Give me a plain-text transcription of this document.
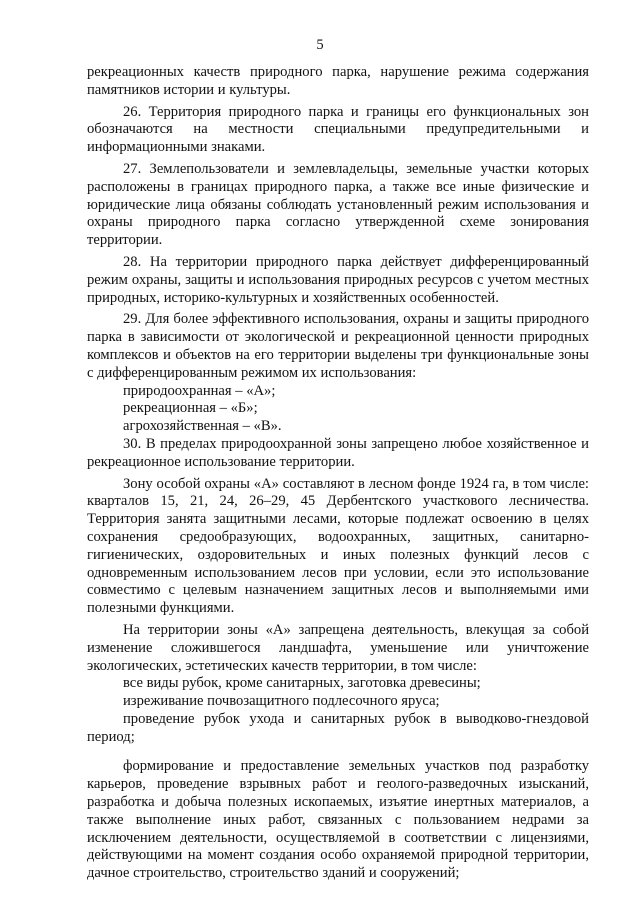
5

рекреационных качеств природного парка, нарушение режима содержания памятников истории и культуры.

26. Территория природного парка и границы его функциональных зон обозначаются на местности специальными предупредительными и информационными знаками.

27. Землепользователи и землевладельцы, земельные участки которых расположены в границах природного парка, а также все иные физические и юридические лица обязаны соблюдать установленный режим использования и охраны природного парка согласно утвержденной схеме зонирования территории.

28. На территории природного парка действует дифференцированный режим охраны, защиты и использования природных ресурсов с учетом местных природных, историко-культурных и хозяйственных особенностей.

29. Для более эффективного использования, охраны и защиты природного парка в зависимости от экологической и рекреационной ценности природных комплексов и объектов на его территории выделены три функциональные зоны с дифференцированным режимом их использования:

природоохранная – «А»;

рекреационная – «Б»;

агрохозяйственная – «В».

30. В пределах природоохранной зоны запрещено любое хозяйственное и рекреационное использование территории.

Зону особой охраны «А» составляют в лесном фонде 1924 га, в том числе: кварталов 15, 21, 24, 26–29, 45 Дербентского участкового лесничества. Территория занята защитными лесами, которые подлежат освоению в целях сохранения средообразующих, водоохранных, защитных, санитарно-гигиенических, оздоровительных и иных полезных функций лесов с одновременным использованием лесов при условии, если это использование совместимо с целевым назначением защитных лесов и выполняемыми ими полезными функциями.

На территории зоны «А» запрещена деятельность, влекущая за собой изменение сложившегося ландшафта, уменьшение или уничтожение экологических, эстетических качеств территории, в том числе:

все виды рубок, кроме санитарных, заготовка древесины;

изреживание почвозащитного подлесочного яруса;

проведение рубок ухода и санитарных рубок в выводково-гнездовой период;

формирование и предоставление земельных участков под разработку карьеров, проведение взрывных работ и геолого-разведочных изысканий, разработка и добыча полезных ископаемых, изъятие инертных материалов, а также выполнение иных работ, связанных с пользованием недрами за исключением деятельности, осуществляемой в соответствии с лицензиями, действующими на момент создания особо охраняемой природной территории, дачное строительство, строительство зданий и сооружений;
